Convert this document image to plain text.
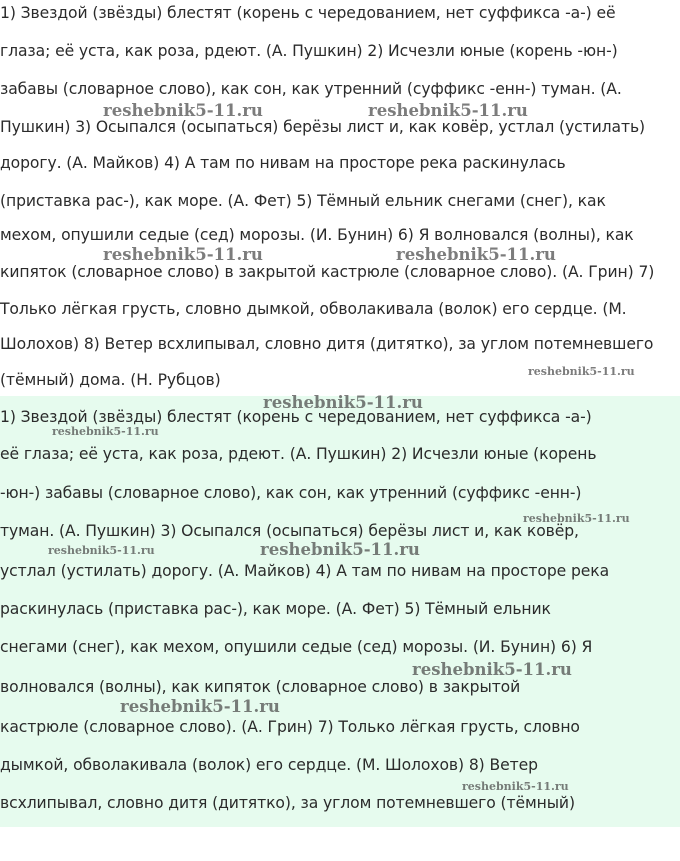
1) Звездой (звёзды) блестят (корень с чередованием, нет суффикса -а-) её
глаза; её уста, как роза, рдеют. (А. Пушкин) 2) Исчезли юные (корень -юн-)
забавы (словарное слово), как сон, как утренний (суффикс -енн-) туман. (А.
Пушкин) 3) Осыпался (осыпаться) берёзы лист и, как ковёр, устлал (устилать)
дорогу. (А. Майков) 4) А там по нивам на просторе река раскинулась
(приставка рас-), как море. (А. Фет) 5) Тёмный ельник снегами (снег), как
мехом, опушили седые (сед) морозы. (И. Бунин) 6) Я волновался (волны), как
кипяток (словарное слово) в закрытой кастрюле (словарное слово). (А. Грин) 7)
Только лёгкая грусть, словно дымкой, обволакивала (волок) его сердце. (М.
Шолохов) 8) Ветер всхлипывал, словно дитя (дитятко), за углом потемневшего
(тёмный) дома. (Н. Рубцов)
1) Звездой (звёзды) блестят (корень с чередованием, нет суффикса -а-)
её глаза; её уста, как роза, рдеют. (А. Пушкин) 2) Исчезли юные (корень
-юн-) забавы (словарное слово), как сон, как утренний (суффикс -енн-)
туман. (А. Пушкин) 3) Осыпался (осыпаться) берёзы лист и, как ковёр,
устлал (устилать) дорогу. (А. Майков) 4) А там по нивам на просторе река
раскинулась (приставка рас-), как море. (А. Фет) 5) Тёмный ельник
снегами (снег), как мехом, опушили седые (сед) морозы. (И. Бунин) 6) Я
волновался (волны), как кипяток (словарное слово) в закрытой
кастрюле (словарное слово). (А. Грин) 7) Только лёгкая грусть, словно
дымкой, обволакивала (волок) его сердце. (М. Шолохов) 8) Ветер
всхлипывал, словно дитя (дитятко), за углом потемневшего (тёмный)
reshebnik5-11.ru	reshebnik5-11.ru
reshebnik5-11.ru	reshebnik5-11.ru
reshebnik5-11.ru
reshebnik5-11.ru
reshebnik5-11.ru
reshebnik5-11.ru
reshebnik5-11.ru	reshebnik5-11.ru
reshebnik5-11.ru
reshebnik5-11.ru
reshebnik5-11.ru
